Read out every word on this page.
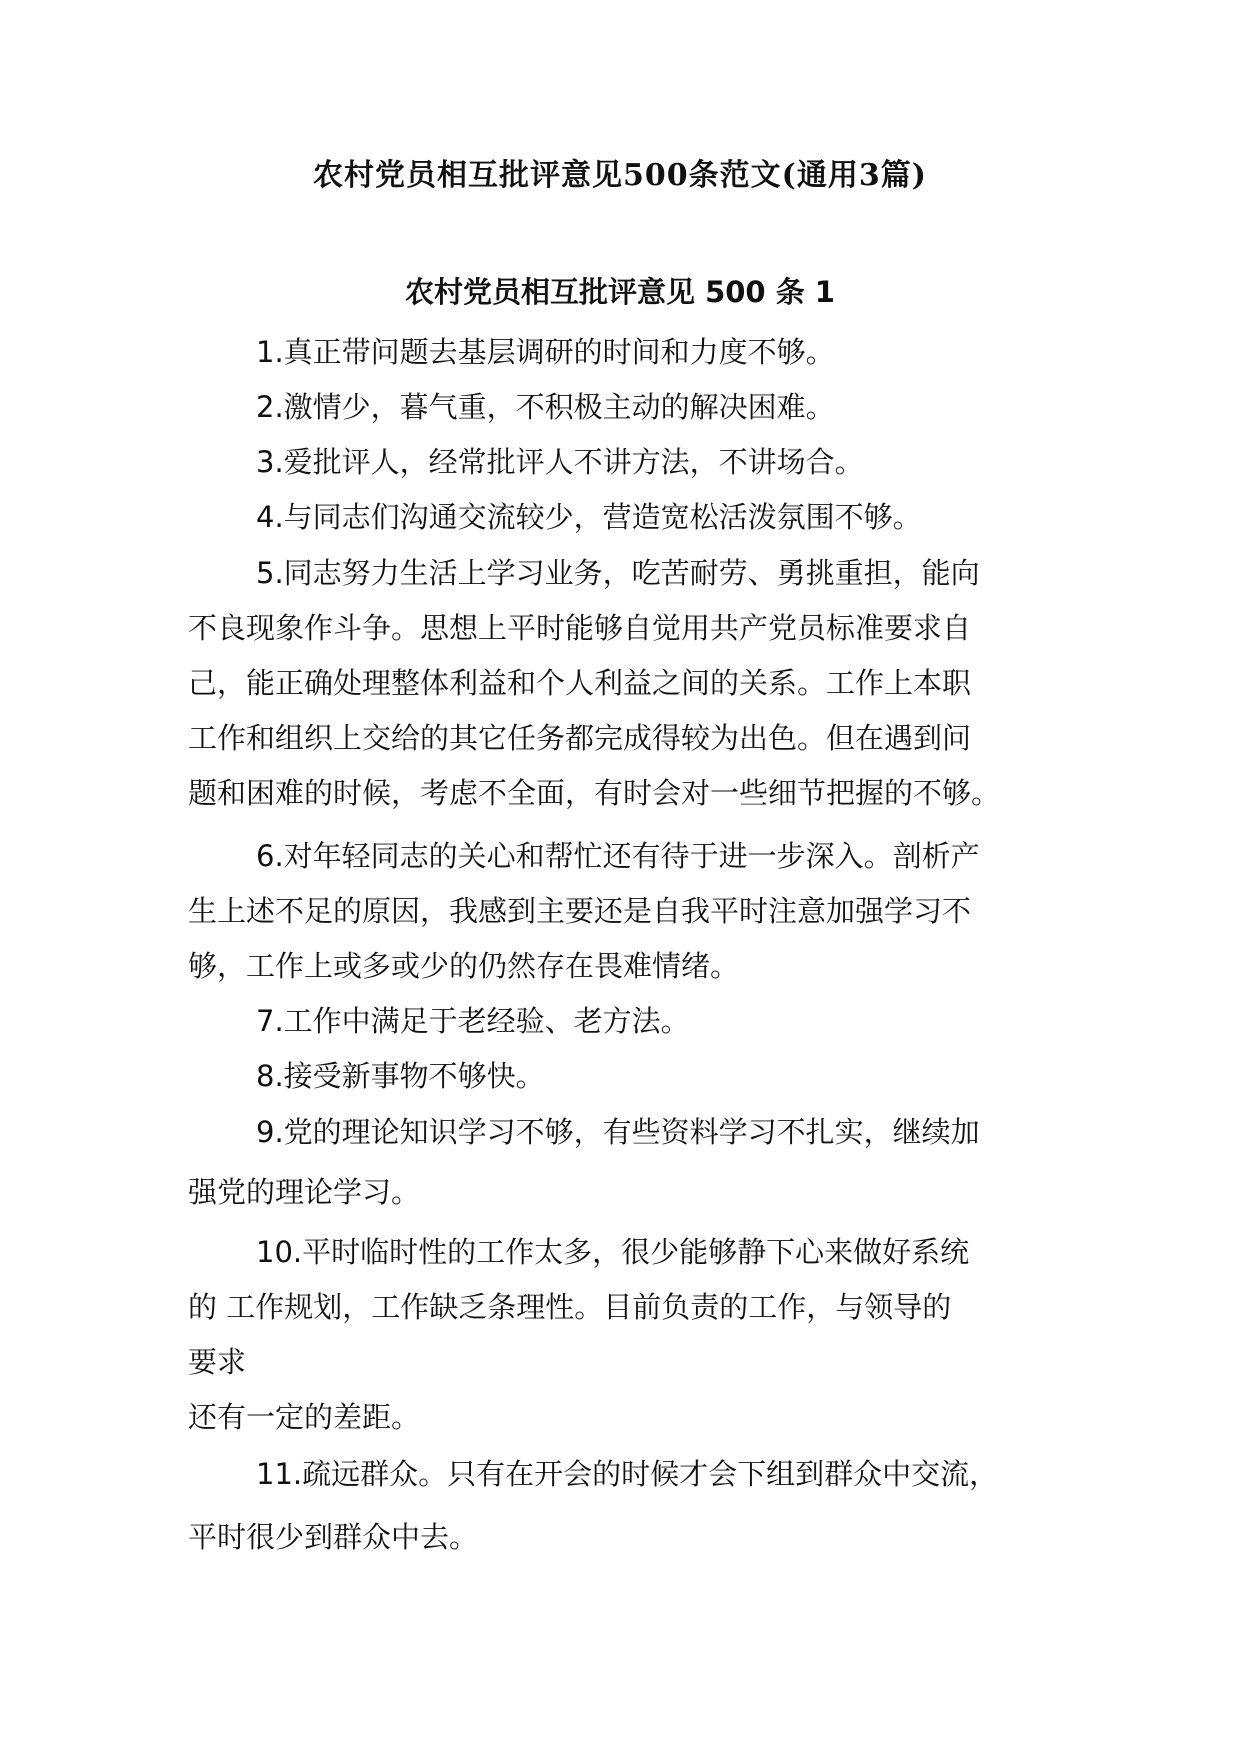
农村党员相互批评意见500条范文(通用3篇)
农村党员相互批评意见 500 条 1

1.真正带问题去基层调研的时间和力度不够。

2.激情少，暮气重，不积极主动的解决困难。

3.爱批评人，经常批评人不讲方法，不讲场合。

4.与同志们沟通交流较少，营造宽松活泼氛围不够。

5.同志努力生活上学习业务，吃苦耐劳、勇挑重担，能向

不良现象作斗争。思想上平时能够自觉用共产党员标准要求自

己，能正确处理整体利益和个人利益之间的关系。工作上本职

工作和组织上交给的其它任务都完成得较为出色。但在遇到问

题和困难的时候，考虑不全面，有时会对一些细节把握的不够。

6.对年轻同志的关心和帮忙还有待于进一步深入。剖析产

生上述不足的原因，我感到主要还是自我平时注意加强学习不

够，工作上或多或少的仍然存在畏难情绪。

7.工作中满足于老经验、老方法。

8.接受新事物不够快。

9.党的理论知识学习不够，有些资料学习不扎实，继续加

强党的理论学习。

10.平时临时性的工作太多，很少能够静下心来做好系统

的 工作规划，工作缺乏条理性。目前负责的工作，与领导的

要求

还有一定的差距。

11.疏远群众。只有在开会的时候才会下组到群众中交流，

平时很少到群众中去。
